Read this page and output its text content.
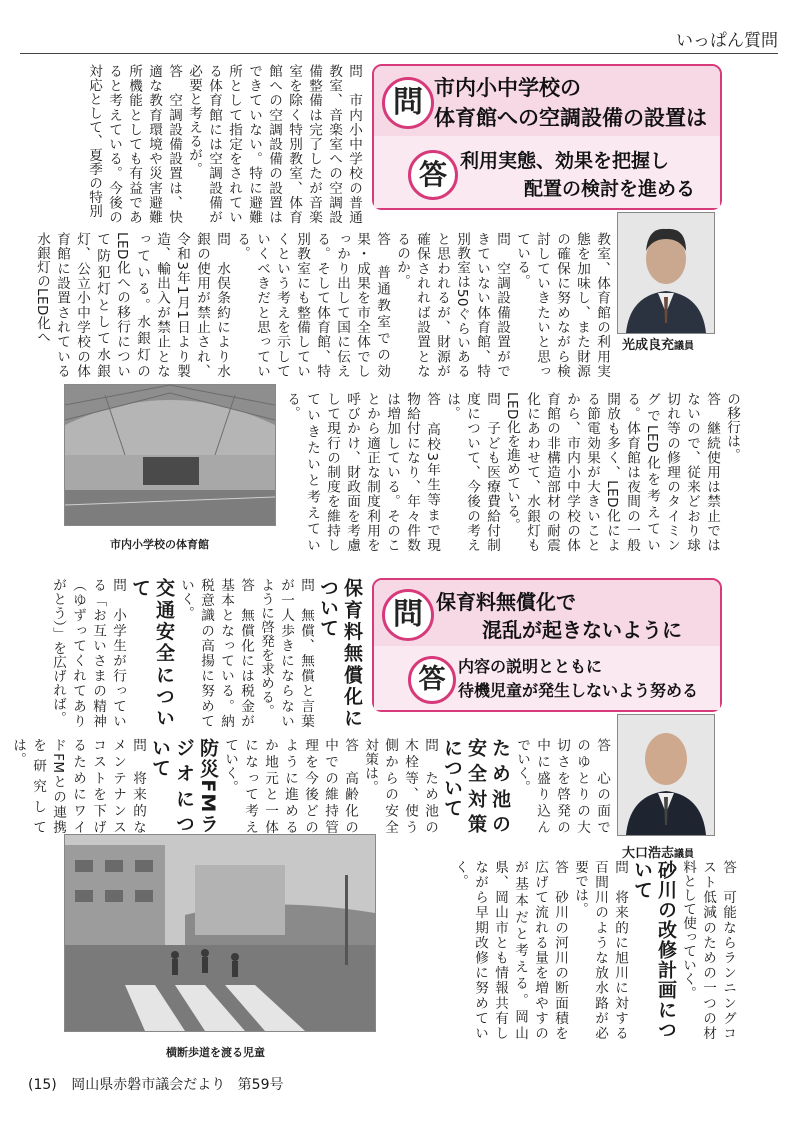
いっぱん質問
問 市内小中学校の
体育館への空調設備の設置は
答 利用実態、効果を把握し
配置の検討を進める
光成良充議員

問　市内小中学校の普通教室、音楽室への空調設備整備は完了したが音楽室を除く特別教室、体育館への空調設備の設置はできていない。特に避難所として指定をされている体育館には空調設備が必要と考えるが。

答　空調設備設置は、快適な教育環境や災害避難所機能としても有益であると考えている。今後の対応として、夏季の特別

教室、体育館の利用実態を加味し、また財源の確保に努めながら検討していきたいと思っている。

問　空調設備設置ができていない体育館、特別教室は50ぐらいあると思われるが、財源が確保されれば設置となるのか。

答　普通教室での効果・成果を市全体でしっかり出して国に伝える。そして体育館、特別教室にも整備していくという考えを示していくべきだと思っている。

問　水俣条約により水銀の使用が禁止され、令和3年1月1日より製造、輸出入が禁止となっている。水銀灯のLED化への移行について防犯灯として水銀灯、公立小中学校の体育館に設置されている水銀灯のLED化へ

の移行は。

答　継続使用は禁止ではないので、従来どおり球切れ等の修理のタイミングでLED化を考えている。体育館は夜間の一般開放も多く、LED化による節電効果が大きいことから、市内小中学校の体育館の非構造部材の耐震化にあわせて、水銀灯もLED化を進めている。

問　子ども医療費給付制度について、今後の考えは。

答　高校3年生等まで現物給付になり、年々件数は増加している。そのことから適正な制度利用を呼びかけ、財政面を考慮して現行の制度を維持していきたいと考えている。

市内小学校の体育館
問 保育料無償化で
混乱が起きないように
答 内容の説明とともに
待機児童が発生しないよう努める
大口浩志議員

保育料無償化について

問　無償、無償と言葉が一人歩きにならないように啓発を求める。

答　無償化には税金が基本となっている。納税意識の高揚に努めていく。

交通安全について

問　小学生が行っている「お互いさまの精神（ゆずってくれてありがとう）」を広げれば。

答　心の面でのゆとりの大切さを啓発の中に盛り込んでいく。

ため池の安全対策について

問　ため池の木栓等、使う側からの安全対策は。

答　高齢化の中での維持管理を今後どのように進めるか地元と一体になって考えていく。

防災FMラジオについて

問　将来的なメンテナンスコストを下げるためにワイドFMとの連携を研究しては。

答　可能ならランニングコスト低減のための一つの材料として使っていく。

砂川の改修計画について

問　将来的に旭川に対する百間川のような放水路が必要では。

答　砂川の河川の断面積を広げて流れる量を増やすのが基本だと考える。岡山県、岡山市とも情報共有しながら早期改修に努めていく。

横断歩道を渡る児童
(15) 岡山県赤磐市議会だより 第59号
